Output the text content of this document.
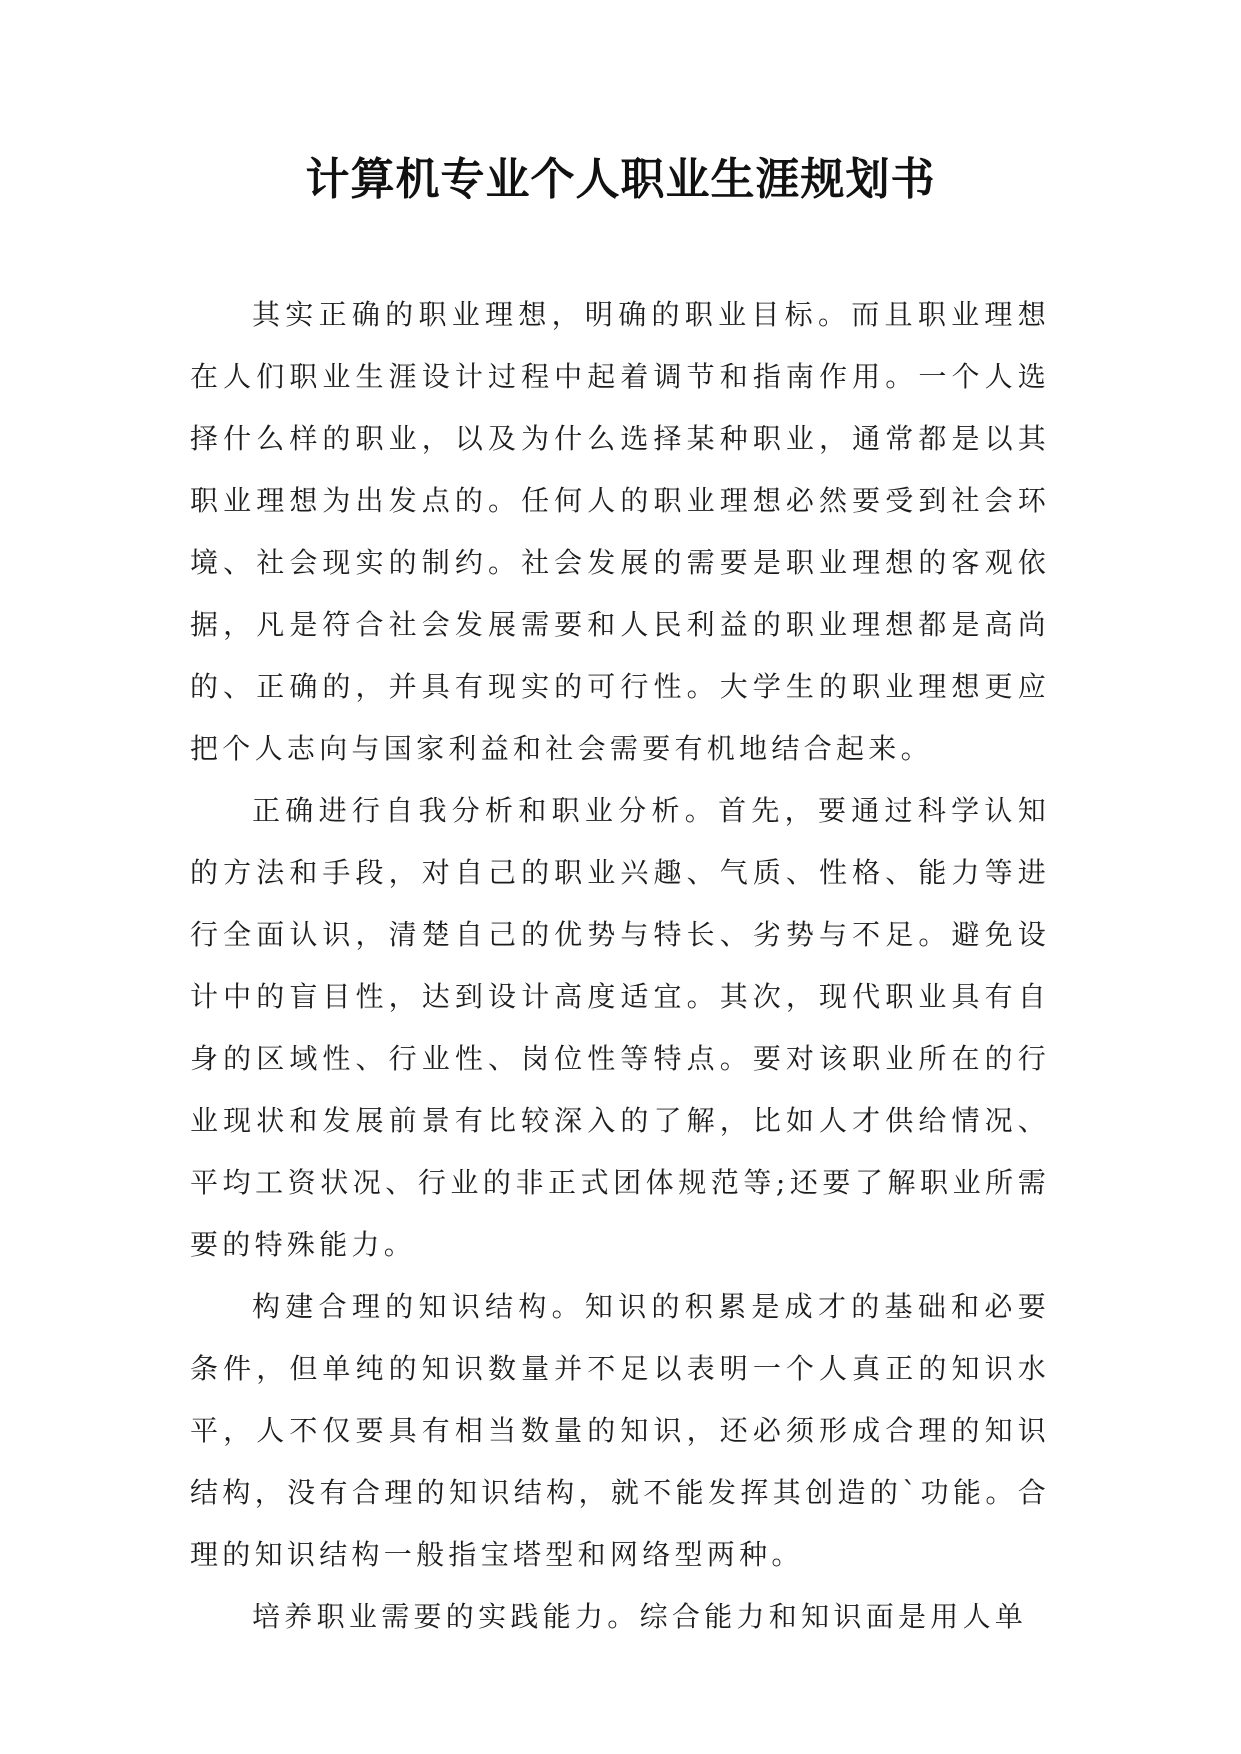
计算机专业个人职业生涯规划书

其实正确的职业理想，明确的职业目标。而且职业理想在人们职业生涯设计过程中起着调节和指南作用。一个人选择什么样的职业，以及为什么选择某种职业，通常都是以其职业理想为出发点的。任何人的职业理想必然要受到社会环境、社会现实的制约。社会发展的需要是职业理想的客观依据，凡是符合社会发展需要和人民利益的职业理想都是高尚的、正确的，并具有现实的可行性。大学生的职业理想更应把个人志向与国家利益和社会需要有机地结合起来。

正确进行自我分析和职业分析。首先，要通过科学认知的方法和手段，对自己的职业兴趣、气质、性格、能力等进行全面认识，清楚自己的优势与特长、劣势与不足。避免设计中的盲目性，达到设计高度适宜。其次，现代职业具有自身的区域性、行业性、岗位性等特点。要对该职业所在的行业现状和发展前景有比较深入的了解，比如人才供给情况、平均工资状况、行业的非正式团体规范等;还要了解职业所需要的特殊能力。

构建合理的知识结构。知识的积累是成才的基础和必要条件，但单纯的知识数量并不足以表明一个人真正的知识水平，人不仅要具有相当数量的知识，还必须形成合理的知识结构，没有合理的知识结构，就不能发挥其创造的`功能。合理的知识结构一般指宝塔型和网络型两种。

培养职业需要的实践能力。综合能力和知识面是用人单
